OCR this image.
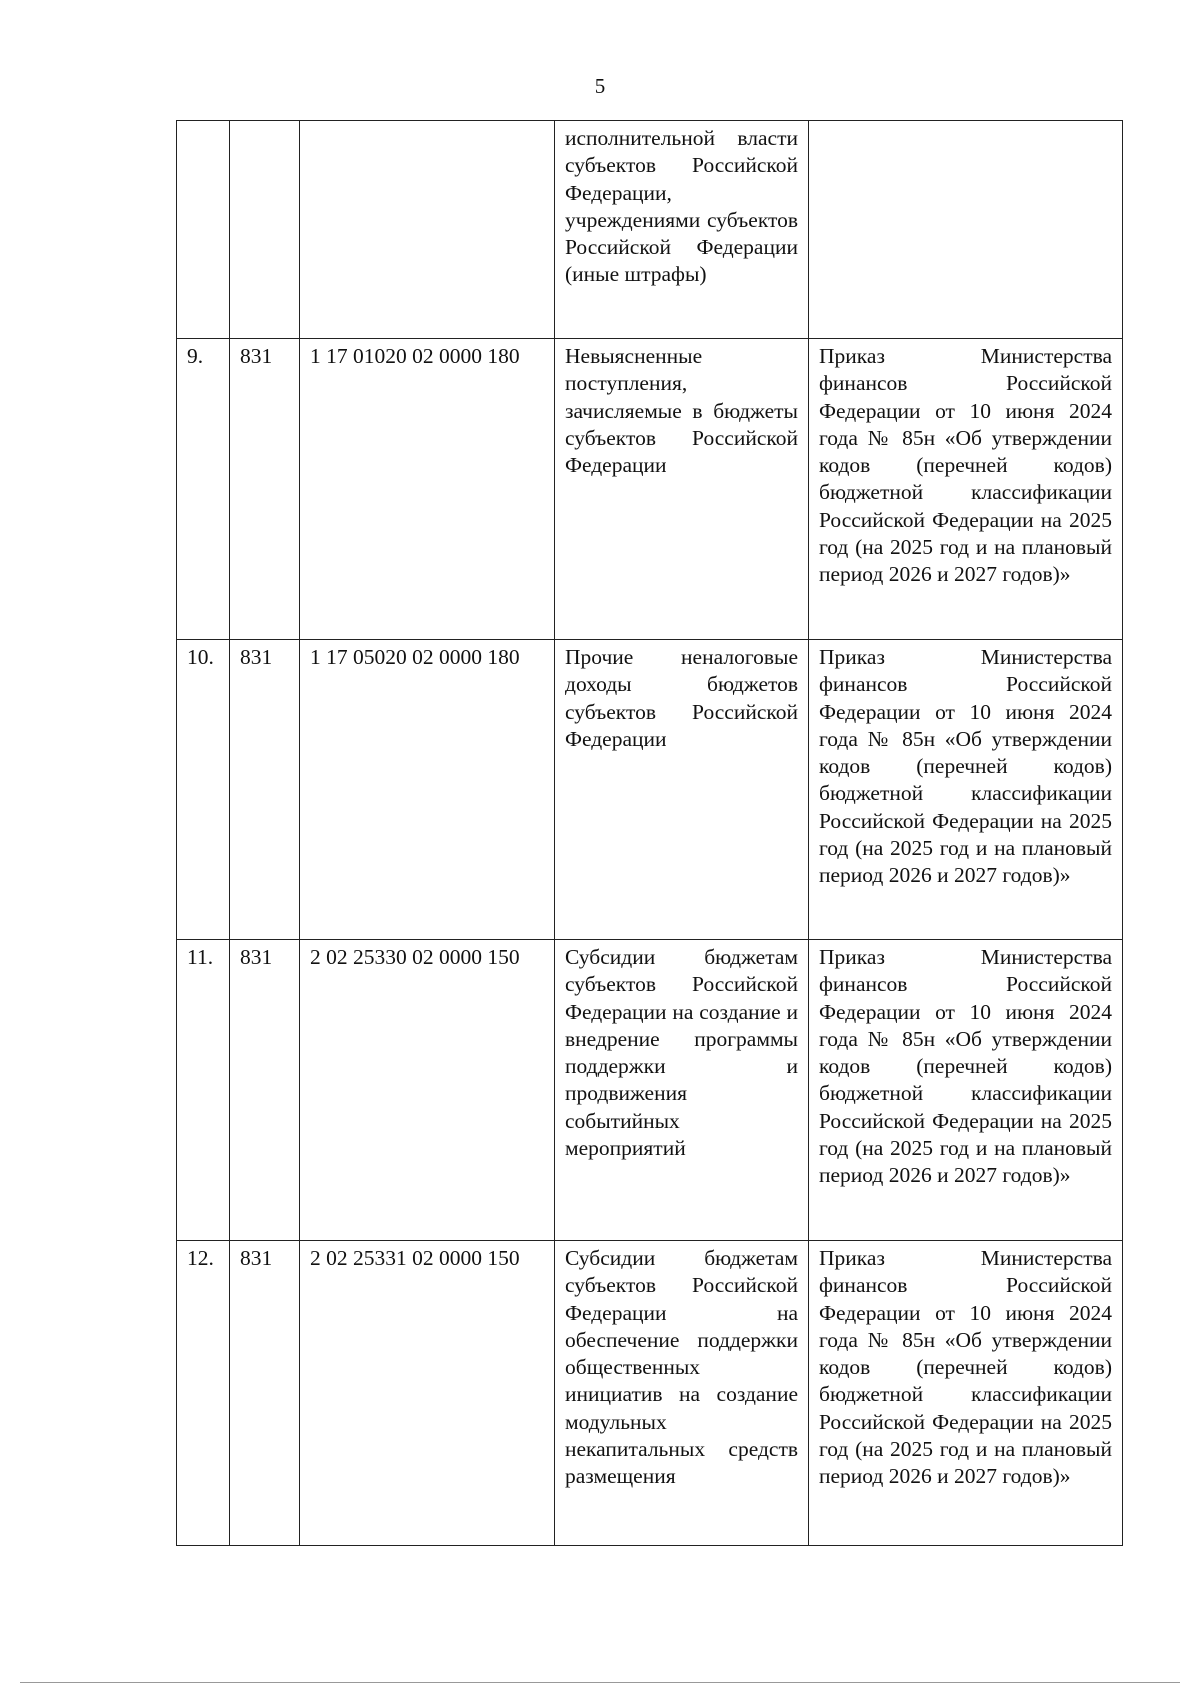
5
			исполнительной власти субъектов Российской Федерации, учреждениями субъектов Российской Федерации (иные штрафы)	
9.	831	1 17 01020 02 0000 180	Невыясненные поступления, зачисляемые в бюджеты субъектов Российской Федерации	Приказ Министерства финансов Российской Федерации от 10 июня 2024 года № 85н «Об утверждении кодов (перечней кодов) бюджетной классификации Российской Федерации на 2025 год (на 2025 год и на плановый период 2026 и 2027 годов)»
10.	831	1 17 05020 02 0000 180	Прочие неналоговые доходы бюджетов субъектов Российской Федерации	Приказ Министерства финансов Российской Федерации от 10 июня 2024 года № 85н «Об утверждении кодов (перечней кодов) бюджетной классификации Российской Федерации на 2025 год (на 2025 год и на плановый период 2026 и 2027 годов)»
11.	831	2 02 25330 02 0000 150	Субсидии бюджетам субъектов Российской Федерации на создание и внедрение программы поддержки и продвижения событийных мероприятий	Приказ Министерства финансов Российской Федерации от 10 июня 2024 года № 85н «Об утверждении кодов (перечней кодов) бюджетной классификации Российской Федерации на 2025 год (на 2025 год и на плановый период 2026 и 2027 годов)»
12.	831	2 02 25331 02 0000 150	Субсидии бюджетам субъектов Российской Федерации на обеспечение поддержки общественных инициатив на создание модульных некапитальных средств размещения	Приказ Министерства финансов Российской Федерации от 10 июня 2024 года № 85н «Об утверждении кодов (перечней кодов) бюджетной классификации Российской Федерации на 2025 год (на 2025 год и на плановый период 2026 и 2027 годов)»
